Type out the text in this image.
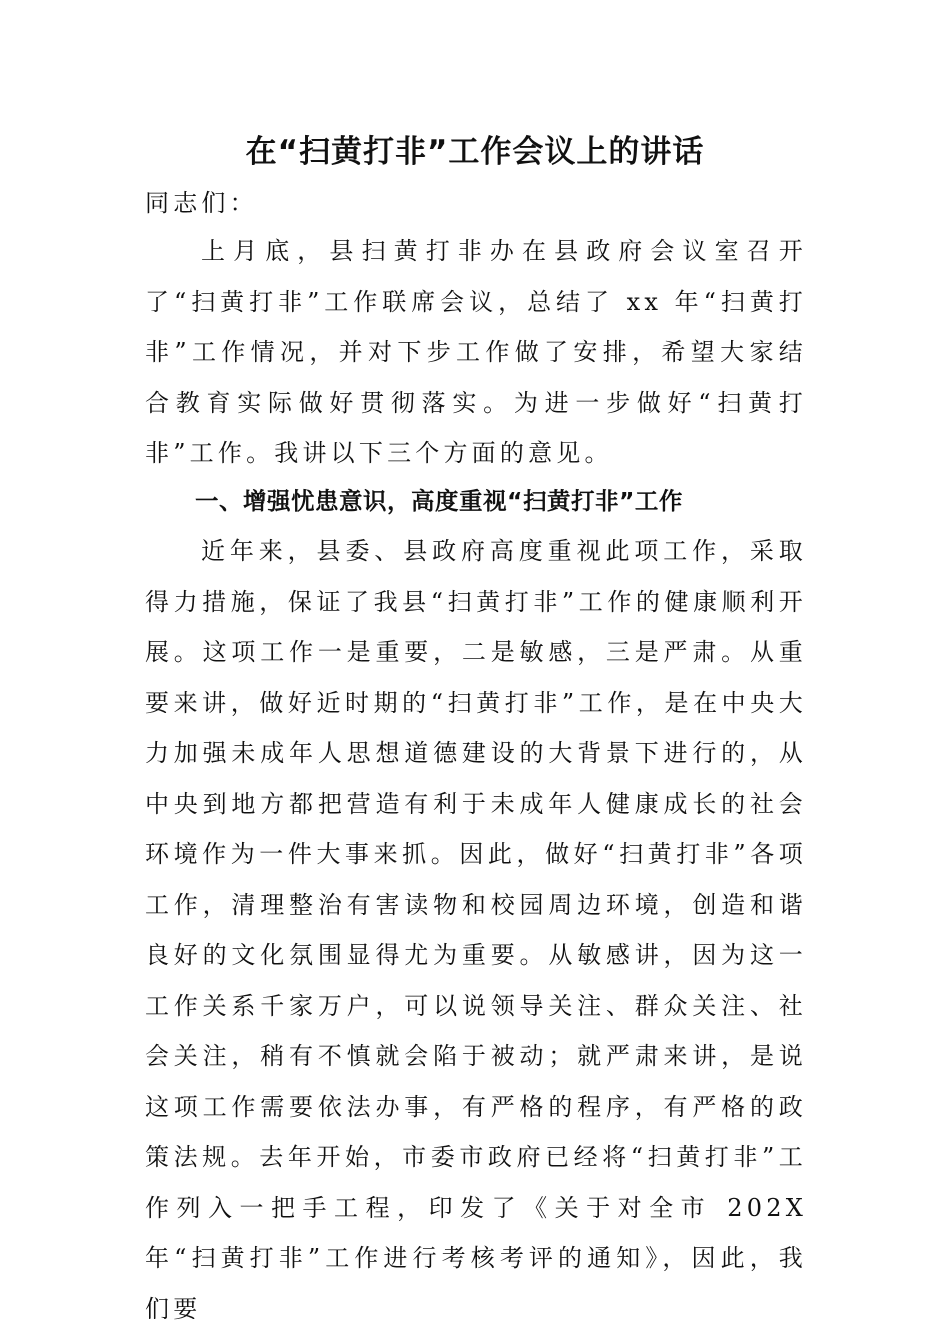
在“扫黄打非”工作会议上的讲话
同志们：
上月底，县扫黄打非办在县政府会议室召开了“扫黄打非”工作联席会议，总结了 xx 年“扫黄打非”工作情况，并对下步工作做了安排，希望大家结合教育实际做好贯彻落实。为进一步做好“扫黄打非”工作。我讲以下三个方面的意见。
一、增强忧患意识，高度重视“扫黄打非”工作
近年来，县委、县政府高度重视此项工作，采取得力措施，保证了我县“扫黄打非”工作的健康顺利开展。这项工作一是重要，二是敏感，三是严肃。从重要来讲，做好近时期的“扫黄打非”工作，是在中央大力加强未成年人思想道德建设的大背景下进行的，从中央到地方都把营造有利于未成年人健康成长的社会环境作为一件大事来抓。因此，做好“扫黄打非”各项工作，清理整治有害读物和校园周边环境，创造和谐良好的文化氛围显得尤为重要。从敏感讲，因为这一工作关系千家万户，可以说领导关注、群众关注、社会关注，稍有不慎就会陷于被动；就严肃来讲，是说这项工作需要依法办事，有严格的程序，有严格的政策法规。去年开始，市委市政府已经将“扫黄打非”工作列入一把手工程，印发了《关于对全市 202X 年“扫黄打非”工作进行考核考评的通知》，因此，我们要
